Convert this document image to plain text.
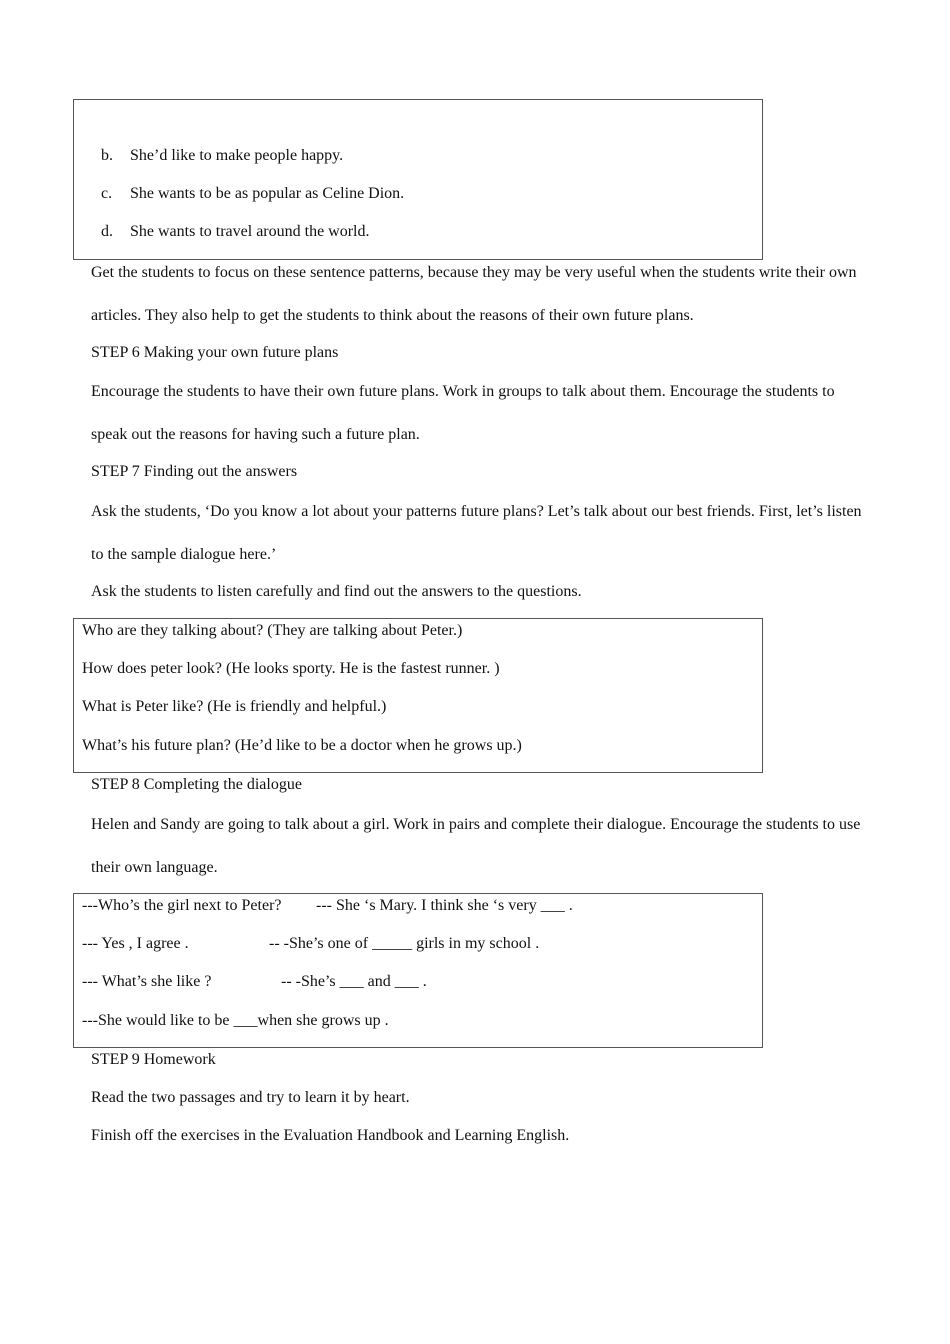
b. She’d like to make people happy.
c. She wants to be as popular as Celine Dion.
d. She wants to travel around the world.
Get the students to focus on these sentence patterns, because they may be very useful when the students write their own articles. They also help to get the students to think about the reasons of their own future plans.
STEP 6 Making your own future plans
Encourage the students to have their own future plans. Work in groups to talk about them. Encourage the students to speak out the reasons for having such a future plan.
STEP 7 Finding out the answers
Ask the students, ‘Do you know a lot about your patterns future plans? Let’s talk about our best friends. First, let’s listen to the sample dialogue here.’
Ask the students to listen carefully and find out the answers to the questions.
Who are they talking about? (They are talking about Peter.)
How does peter look? (He looks sporty. He is the fastest runner. )
What is Peter like? (He is friendly and helpful.)
What’s his future plan? (He’d like to be a doctor when he grows up.)
STEP 8 Completing the dialogue
Helen and Sandy are going to talk about a girl. Work in pairs and complete their dialogue. Encourage the students to use their own language.
---Who’s the girl next to Peter? --- She ‘s Mary. I think she ‘s very ___ .
--- Yes , I agree .	-- -She’s one of _____ girls in my school .
--- What’s she like ?	-- -She’s ___ and ___ .
---She would like to be ___when she grows up .
STEP 9 Homework
Read the two passages and try to learn it by heart.
Finish off the exercises in the Evaluation Handbook and Learning English.
